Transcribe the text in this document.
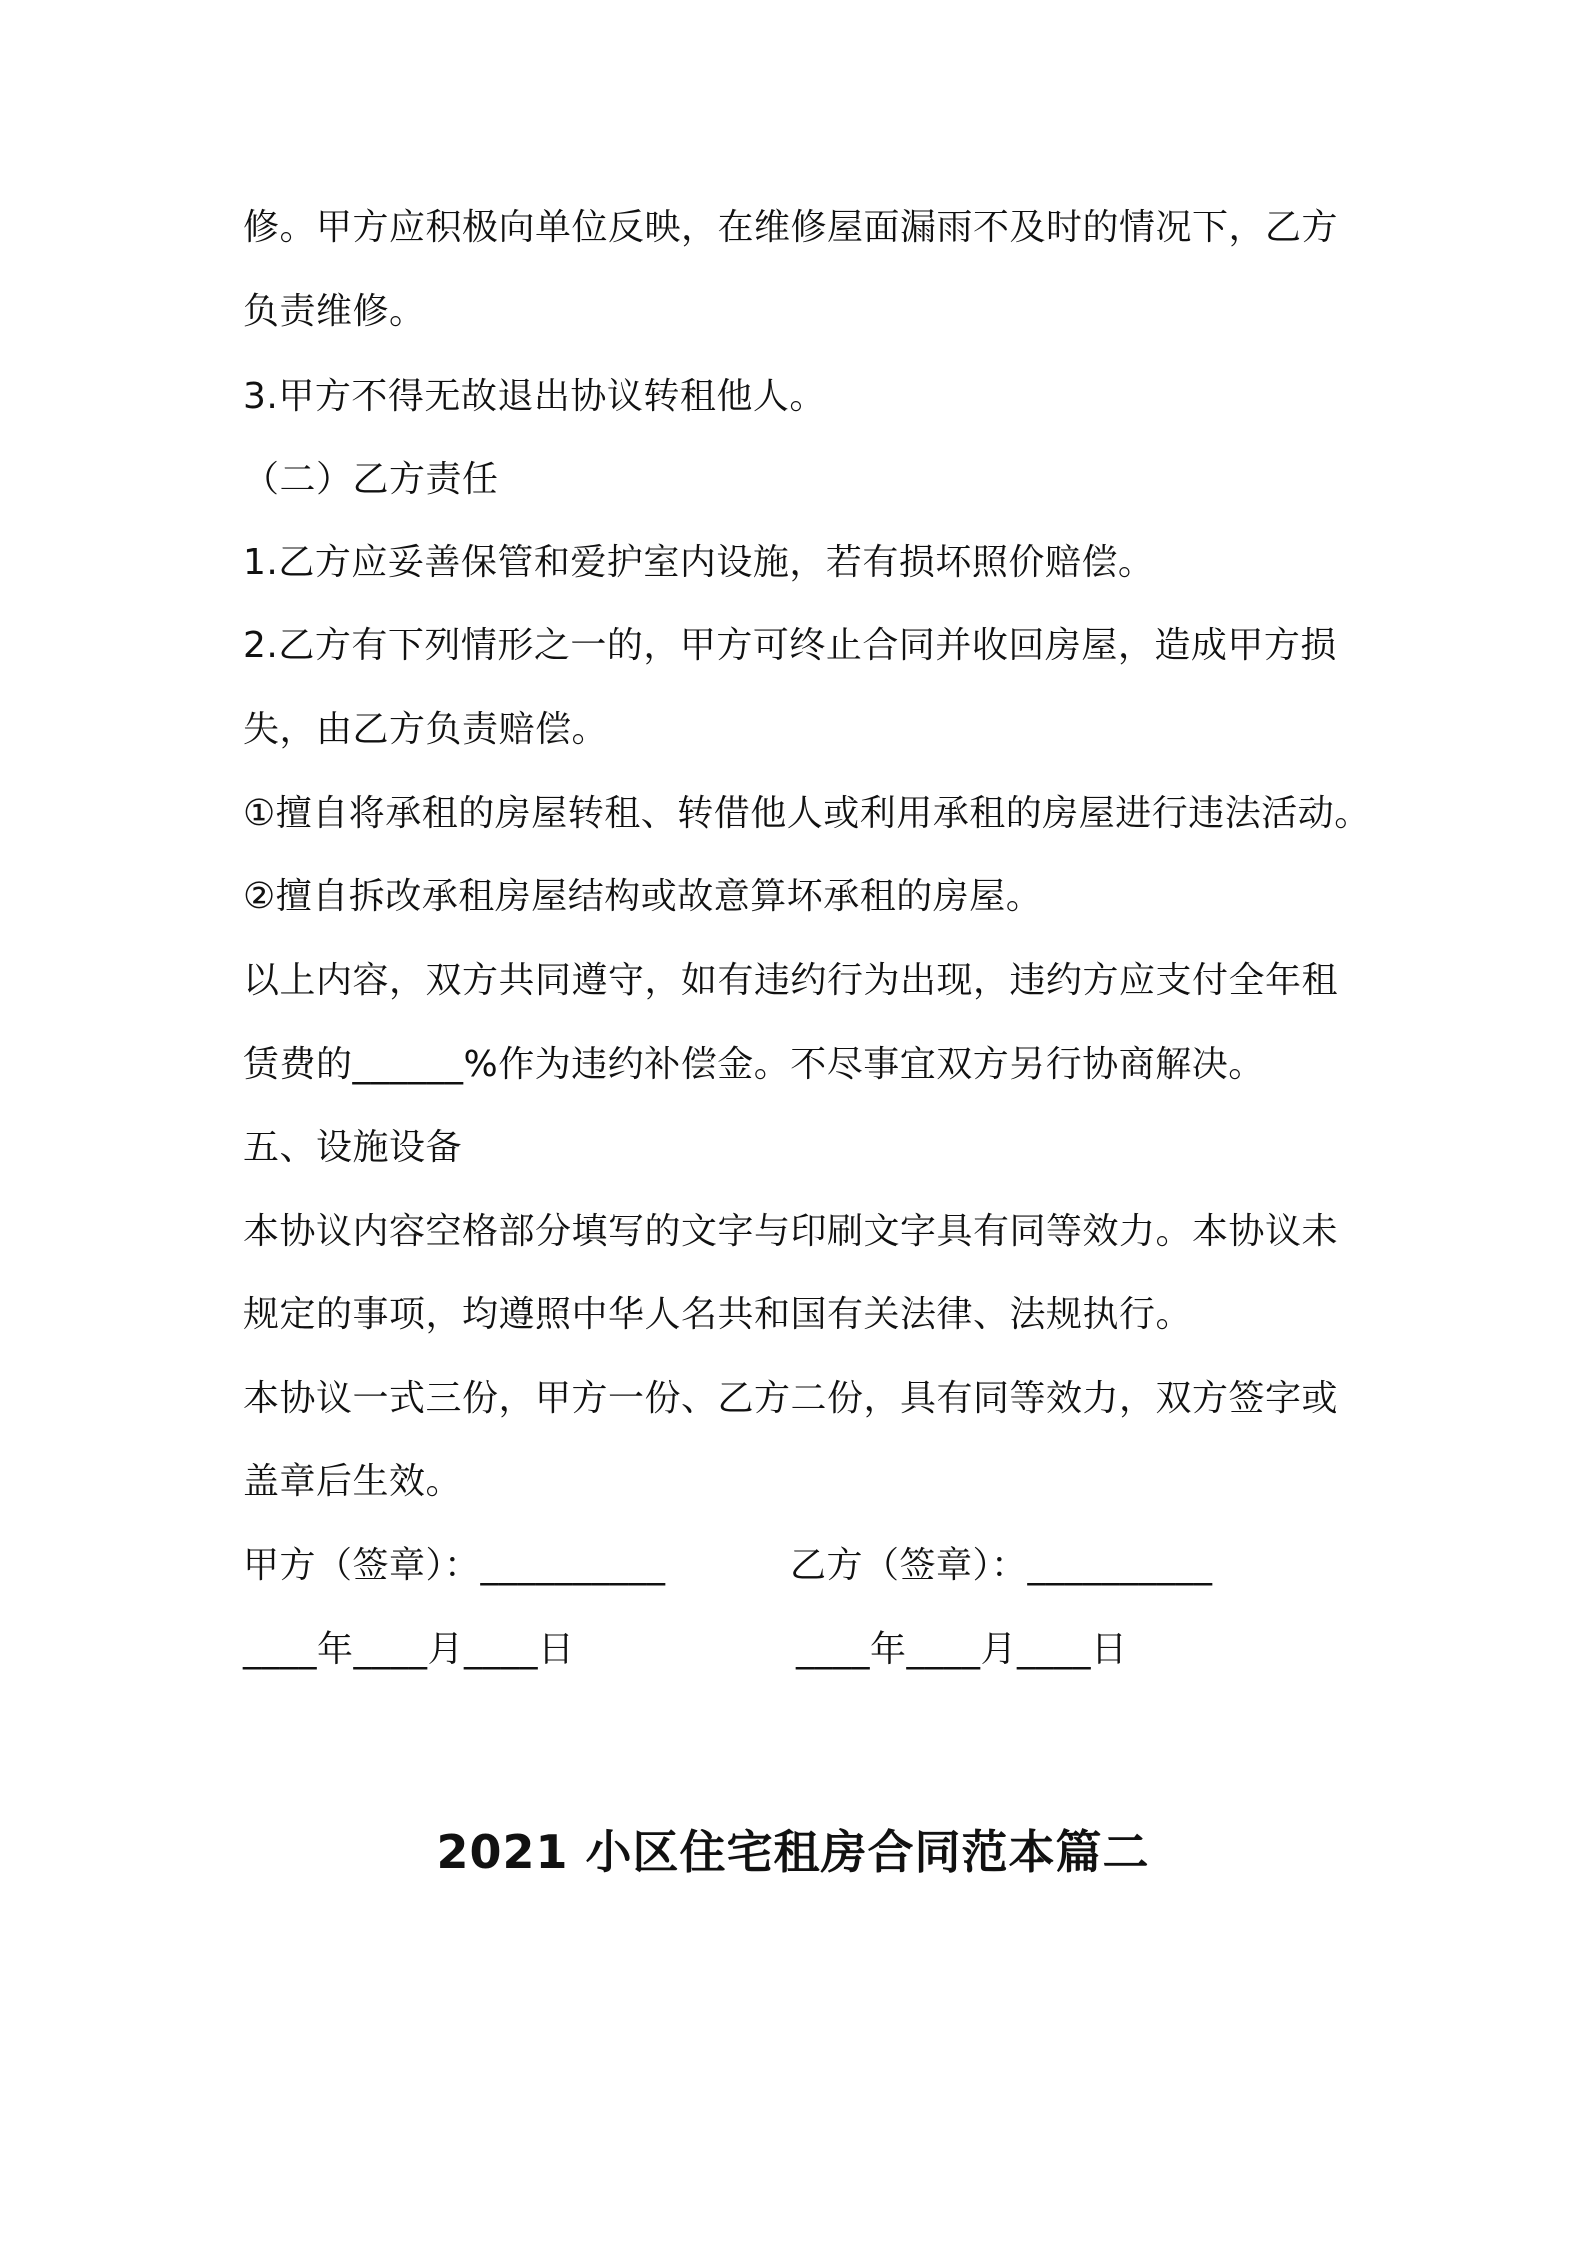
修。甲方应积极向单位反映，在维修屋面漏雨不及时的情况下，乙方
负责维修。
3.甲方不得无故退出协议转租他人。
（二）乙方责任
1.乙方应妥善保管和爱护室内设施，若有损坏照价赔偿。
2.乙方有下列情形之一的，甲方可终止合同并收回房屋，造成甲方损
失，由乙方负责赔偿。
①擅自将承租的房屋转租、转借他人或利用承租的房屋进行违法活动。
②擅自拆改承租房屋结构或故意算坏承租的房屋。
以上内容，双方共同遵守，如有违约行为出现，违约方应支付全年租
赁费的______%作为违约补偿金。不尽事宜双方另行协商解决。
五、设施设备
本协议内容空格部分填写的文字与印刷文字具有同等效力。本协议未
规定的事项，均遵照中华人名共和国有关法律、法规执行。
本协议一式三份，甲方一份、乙方二份，具有同等效力，双方签字或
盖章后生效。
甲方（签章）：__________	乙方（签章）：__________
____年____月____日	____年____月____日
2021 小区住宅租房合同范本篇二
